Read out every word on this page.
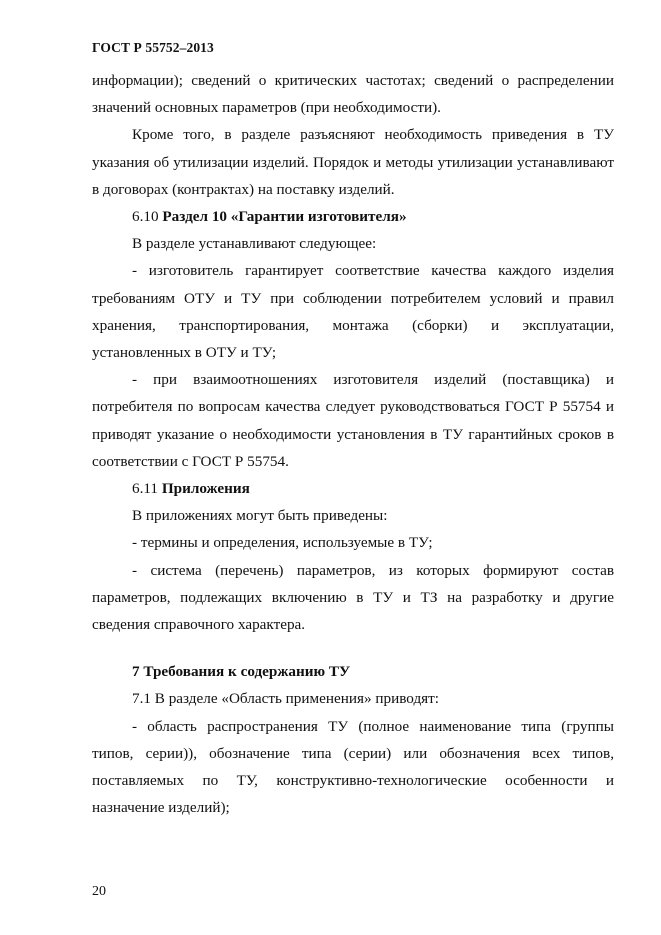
ГОСТ Р 55752–2013

информации); сведений о критических частотах; сведений о распределении значений основных параметров (при необходимости).

Кроме того, в разделе разъясняют необходимость приведения в ТУ указания об утилизации изделий. Порядок и методы утилизации устанавливают в договорах (контрактах) на поставку изделий.

6.10 Раздел 10 «Гарантии изготовителя»

В разделе устанавливают следующее:

- изготовитель гарантирует соответствие качества каждого изделия требованиям ОТУ и ТУ при соблюдении потребителем условий и правил хранения, транспортирования, монтажа (сборки) и эксплуатации, установленных в ОТУ и ТУ;

- при взаимоотношениях изготовителя изделий (поставщика) и потребителя по вопросам качества следует руководствоваться ГОСТ Р 55754 и приводят указание о необходимости установления в ТУ гарантийных сроков в соответствии с ГОСТ Р 55754.

6.11 Приложения

В приложениях могут быть приведены:

- термины и определения, используемые в ТУ;

- система (перечень) параметров, из которых формируют состав параметров, подлежащих включению в ТУ и ТЗ на разработку и другие сведения справочного характера.

7 Требования к содержанию ТУ

7.1 В разделе «Область применения» приводят:

- область распространения ТУ (полное наименование типа (группы типов, серии)), обозначение типа (серии) или обозначения всех типов, поставляемых по ТУ, конструктивно-технологические особенности и назначение изделий);

20
